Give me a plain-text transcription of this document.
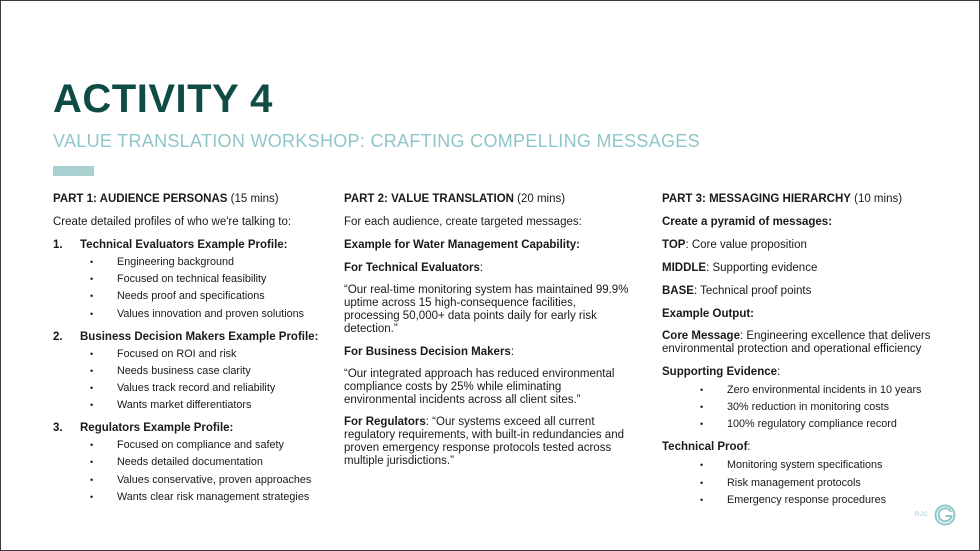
ACTIVITY 4
VALUE TRANSLATION WORKSHOP: CRAFTING COMPELLING MESSAGES

PART 1: AUDIENCE PERSONAS (15 mins)

Create detailed profiles of who we're talking to:

1.	Technical Evaluators Example Profile:
• Engineering background
• Focused on technical feasibility
• Needs proof and specifications
• Values innovation and proven solutions
2.	Business Decision Makers Example Profile:
• Focused on ROI and risk
• Needs business case clarity
• Values track record and reliability
• Wants market differentiators
3.	Regulators Example Profile:
• Focused on compliance and safety
• Needs detailed documentation
• Values conservative, proven approaches
• Wants clear risk management strategies

PART 2: VALUE TRANSLATION (20 mins)

For each audience, create targeted messages:

Example for Water Management Capability:

For Technical Evaluators:

“Our real-time monitoring system has maintained 99.9% uptime across 15 high-consequence facilities, processing 50,000+ data points daily for early risk detection.”

For Business Decision Makers:

“Our integrated approach has reduced environmental compliance costs by 25% while eliminating environmental incidents across all client sites.”

For Regulators: “Our systems exceed all current regulatory requirements, with built-in redundancies and proven emergency response protocols tested across multiple jurisdictions.”

PART 3: MESSAGING HIERARCHY (10 mins)

Create a pyramid of messages:

TOP: Core value proposition

MIDDLE: Supporting evidence

BASE: Technical proof points

Example Output:

Core Message: Engineering excellence that delivers environmental protection and operational efficiency

Supporting Evidence:

• Zero environmental incidents in 10 years
• 30% reduction in monitoring costs
• 100% regulatory compliance record

Technical Proof:

• Monitoring system specifications
• Risk management protocols
• Emergency response procedures
RJC
